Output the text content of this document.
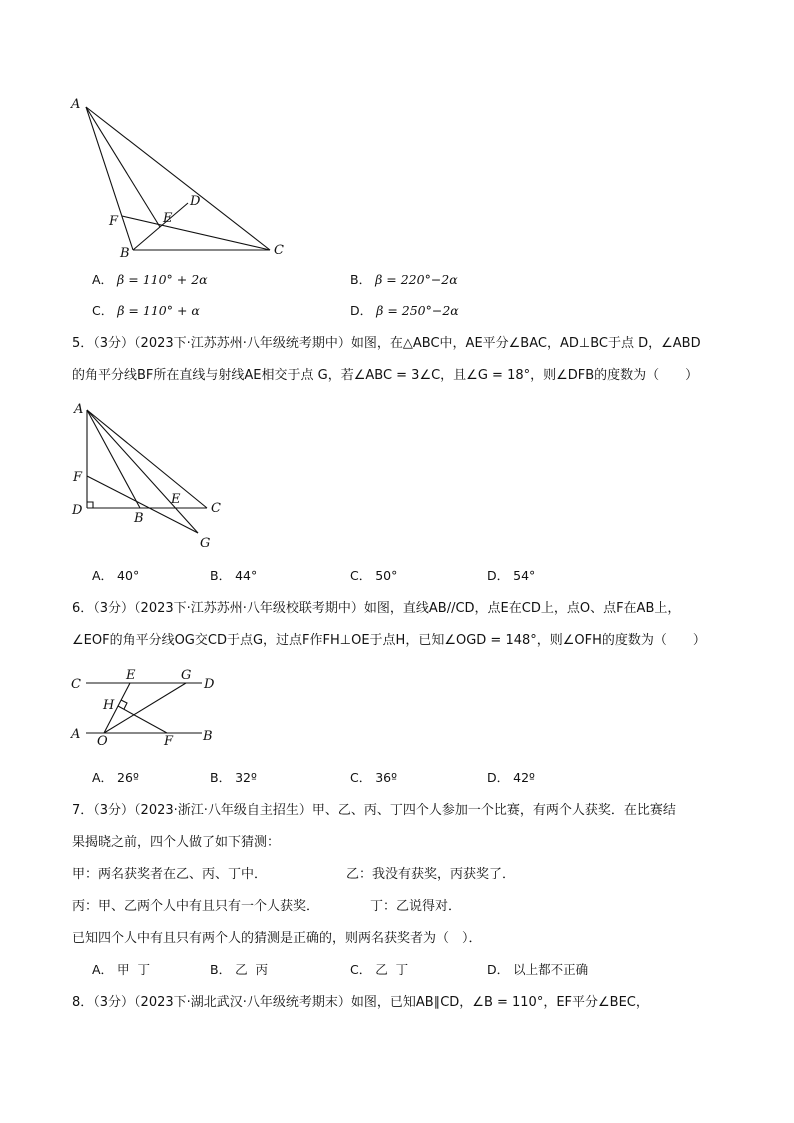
A
D
E
F
B	C
A． β = 110° + 2α	B． β = 220°−2α
C． β = 110° + α	D． β = 250°−2α
5．（3分）（2023下·江苏苏州·八年级统考期中）如图，在△ABC中，AE平分∠BAC，AD⊥BC于点 D，∠ABD
的角平分线BF所在直线与射线AE相交于点 G，若∠ABC = 3∠C，且∠G = 18°，则∠DFB的度数为（　　）
A
F
D
B
E
C
G
A． 40°	B． 44°	C． 50°	D． 54°
6．（3分）（2023下·江苏苏州·八年级校联考期中）如图，直线AB//CD，点E在CD上，点O、点F在AB上，
∠EOF的角平分线OG交CD于点G，过点F作FH⊥OE于点H，已知∠OGD = 148°，则∠OFH的度数为（　　）
C
E	G
D
H
A O	F B
A． 26º	B． 32º	C． 36º	D． 42º
7．（3分）（2023·浙江·八年级自主招生）甲、乙、丙、丁四个人参加一个比赛，有两个人获奖．在比赛结
果揭晓之前，四个人做了如下猜测：
甲：两名获奖者在乙、丙、丁中．	乙：我没有获奖，丙获奖了．
丙：甲、乙两个人中有且只有一个人获奖．	丁：乙说得对．
已知四个人中有且只有两个人的猜测是正确的，则两名获奖者为（　）．
A． 甲  丁	B． 乙  丙	C． 乙  丁	D． 以上都不正确
8．（3分）（2023下·湖北武汉·八年级统考期末）如图，已知AB∥CD，∠B = 110°，EF平分∠BEC，
